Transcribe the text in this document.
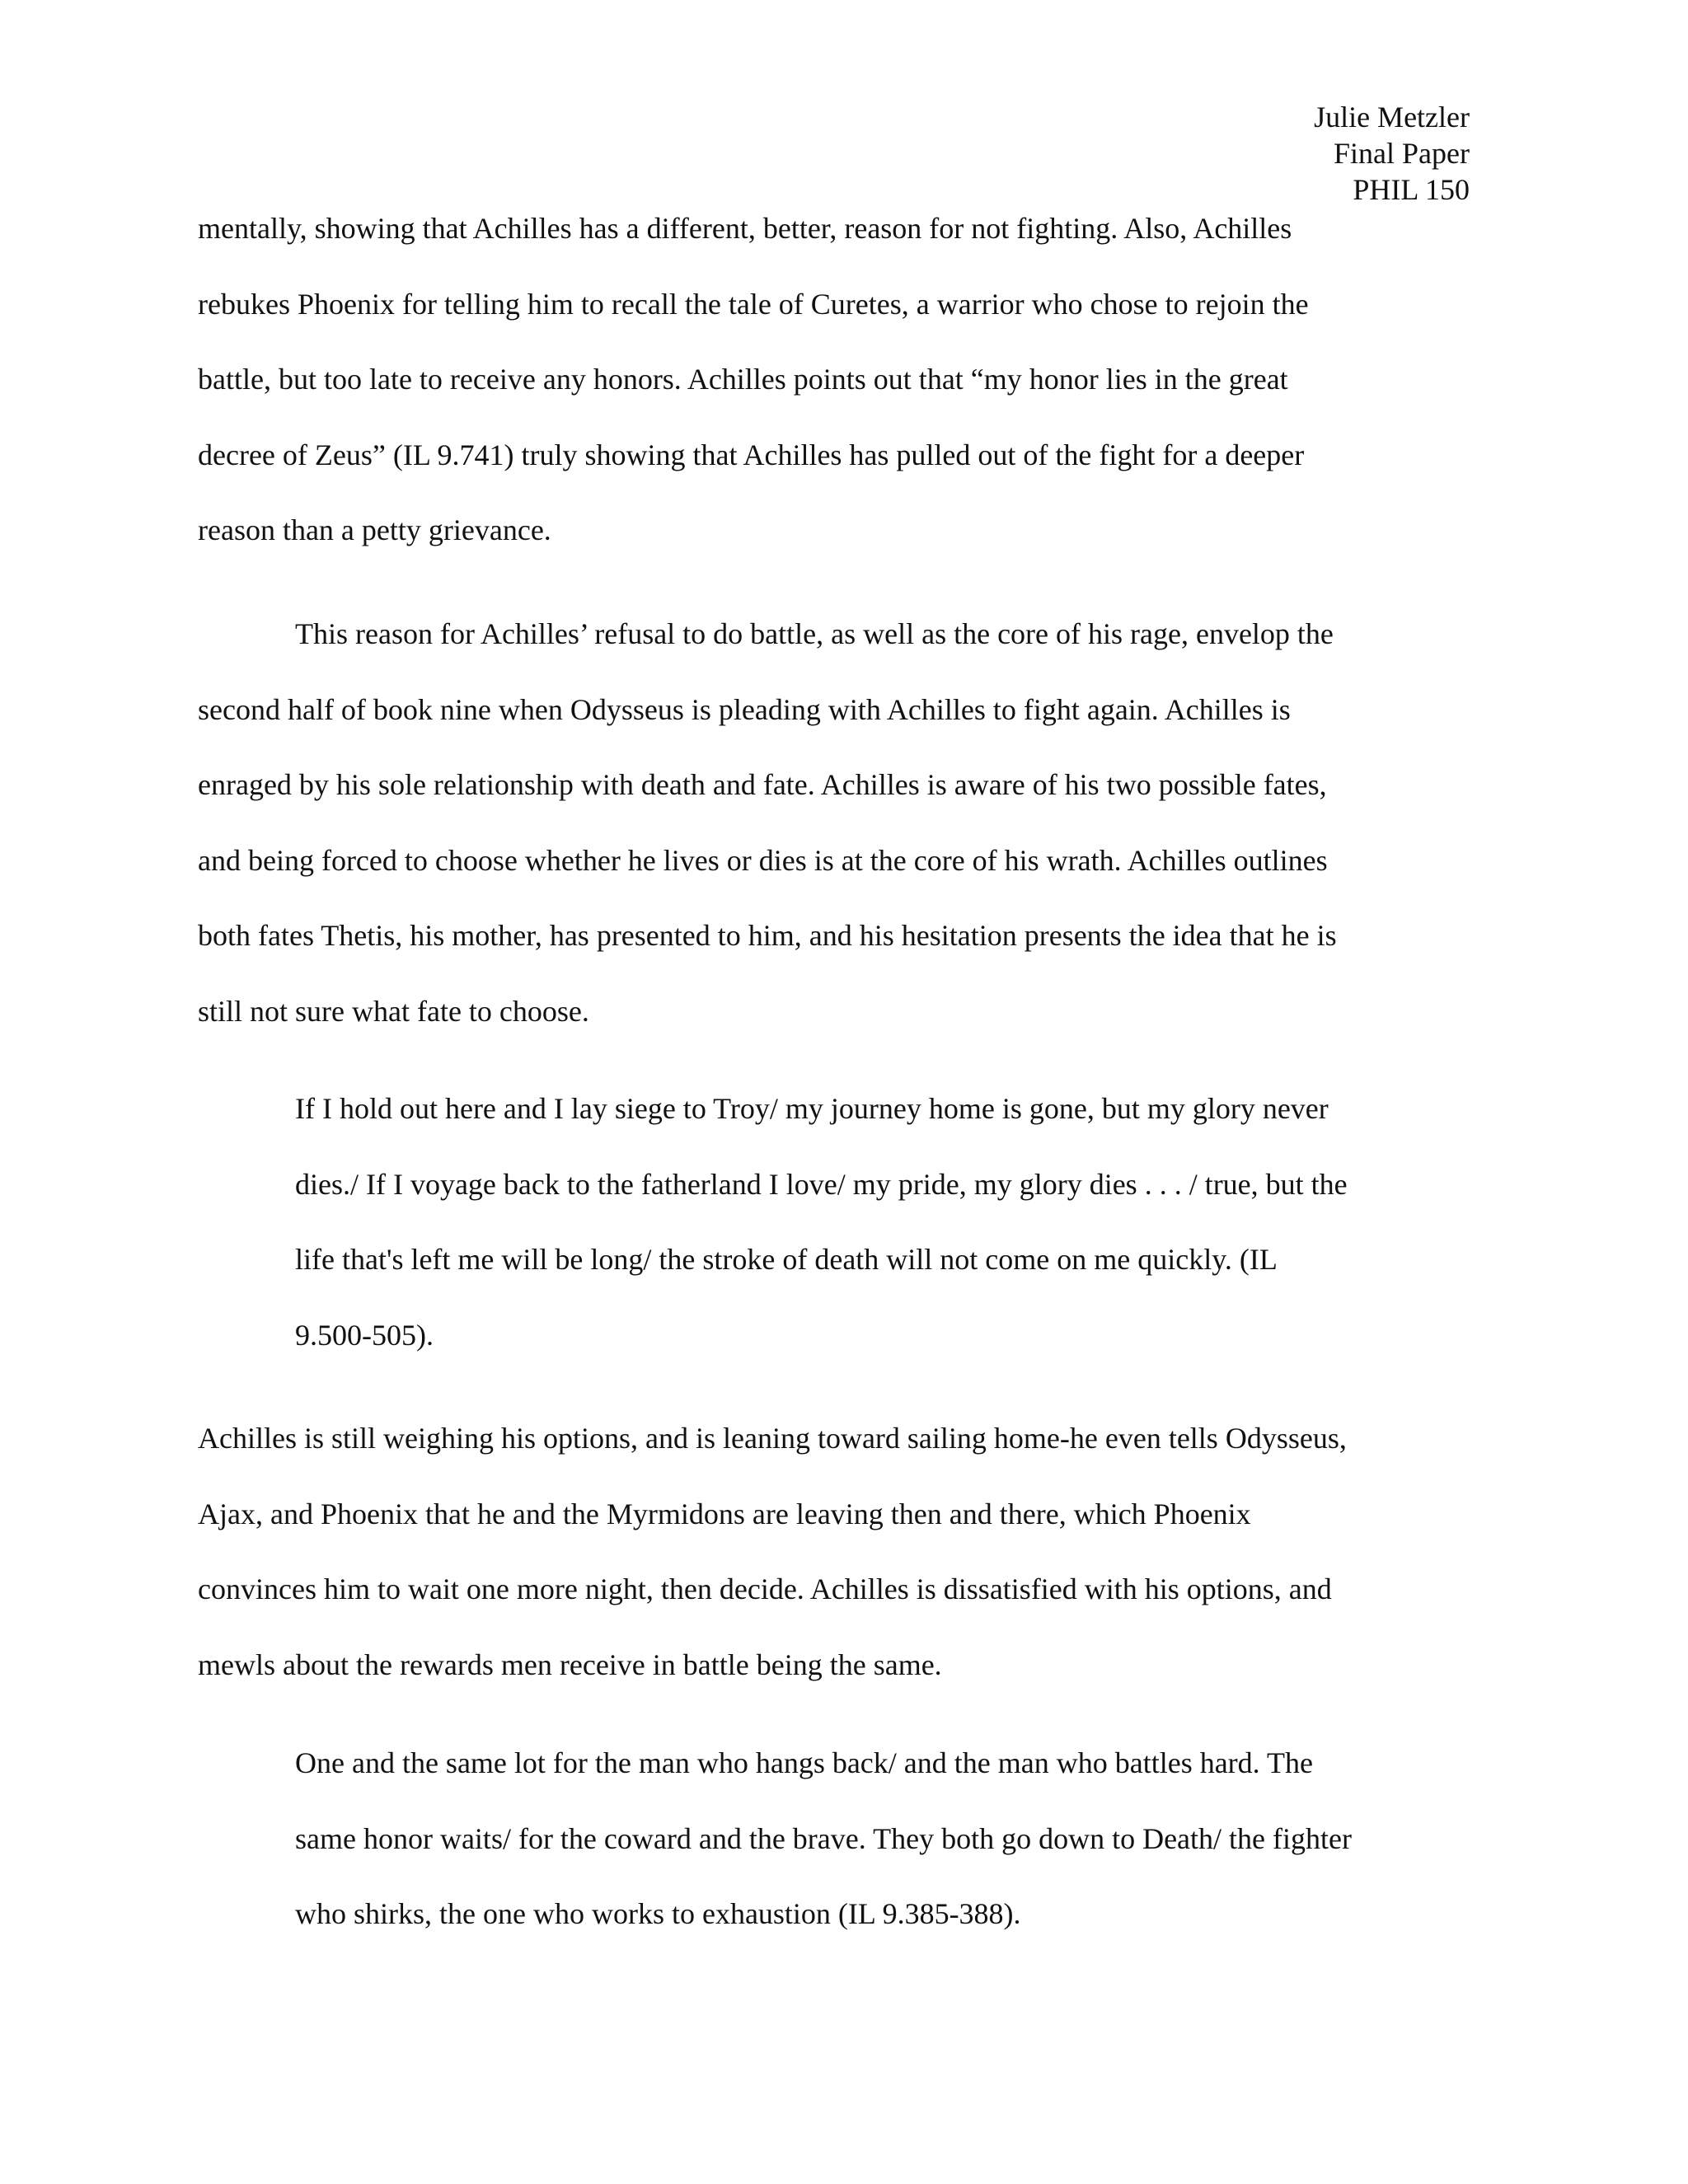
Julie Metzler
Final Paper
PHIL 150
mentally, showing that Achilles has a different, better, reason for not fighting. Also, Achilles
rebukes Phoenix for telling him to recall the tale of Curetes, a warrior who chose to rejoin the
battle, but too late to receive any honors. Achilles points out that “my honor lies in the great
decree of Zeus” (IL 9.741) truly showing that Achilles has pulled out of the fight for a deeper
reason than a petty grievance.
This reason for Achilles’ refusal to do battle, as well as the core of his rage, envelop the
second half of book nine when Odysseus is pleading with Achilles to fight again. Achilles is
enraged by his sole relationship with death and fate. Achilles is aware of his two possible fates,
and being forced to choose whether he lives or dies is at the core of his wrath. Achilles outlines
both fates Thetis, his mother, has presented to him, and his hesitation presents the idea that he is
still not sure what fate to choose.
If I hold out here and I lay siege to Troy/ my journey home is gone, but my glory never
dies./ If I voyage back to the fatherland I love/ my pride, my glory dies . . . / true, but the
life that's left me will be long/ the stroke of death will not come on me quickly. (IL
9.500-505).
Achilles is still weighing his options, and is leaning toward sailing home-he even tells Odysseus,
Ajax, and Phoenix that he and the Myrmidons are leaving then and there, which Phoenix
convinces him to wait one more night, then decide. Achilles is dissatisfied with his options, and
mewls about the rewards men receive in battle being the same.
One and the same lot for the man who hangs back/ and the man who battles hard. The
same honor waits/ for the coward and the brave. They both go down to Death/ the fighter
who shirks, the one who works to exhaustion (IL 9.385-388).
